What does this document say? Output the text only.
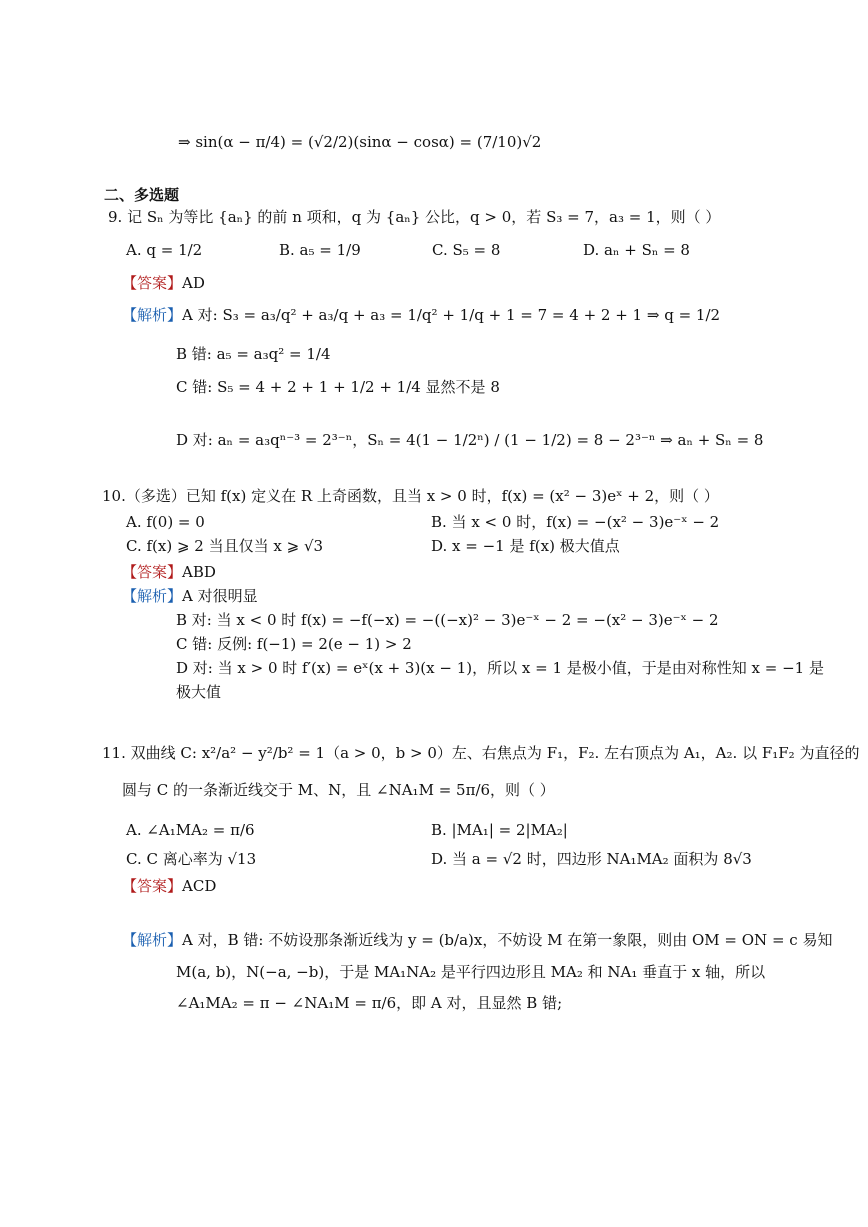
⇒ sin(α − π/4) = (√2/2)(sinα − cosα) = (7/10)√2
二、多选题
9. 记 Sₙ 为等比 {aₙ} 的前 n 项和，q 为 {aₙ} 公比，q > 0，若 S₃ = 7，a₃ = 1，则（ ）
A. q = 1/2	B. a₅ = 1/9	C. S₅ = 8	D. aₙ + Sₙ = 8
【答案】AD
【解析】A 对: S₃ = a₃/q² + a₃/q + a₃ = 1/q² + 1/q + 1 = 7 = 4 + 2 + 1 ⇒ q = 1/2
B 错: a₅ = a₃q² = 1/4
C 错: S₅ = 4 + 2 + 1 + 1/2 + 1/4 显然不是 8
D 对: aₙ = a₃qⁿ⁻³ = 2³⁻ⁿ，Sₙ = 4(1 − 1/2ⁿ) / (1 − 1/2) = 8 − 2³⁻ⁿ ⇒ aₙ + Sₙ = 8
10.（多选）已知 f(x) 定义在 R 上奇函数，且当 x > 0 时，f(x) = (x² − 3)eˣ + 2，则（ ）
A. f(0) = 0	B. 当 x < 0 时，f(x) = −(x² − 3)e⁻ˣ − 2
C. f(x) ⩾ 2 当且仅当 x ⩾ √3	D. x = −1 是 f(x) 极大值点
【答案】ABD
【解析】A 对很明显
B 对: 当 x < 0 时 f(x) = −f(−x) = −((−x)² − 3)e⁻ˣ − 2 = −(x² − 3)e⁻ˣ − 2
C 错: 反例: f(−1) = 2(e − 1) > 2
D 对: 当 x > 0 时 f′(x) = eˣ(x + 3)(x − 1)，所以 x = 1 是极小值，于是由对称性知 x = −1 是
极大值
11. 双曲线 C: x²/a² − y²/b² = 1（a > 0，b > 0）左、右焦点为 F₁，F₂. 左右顶点为 A₁，A₂. 以 F₁F₂ 为直径的
圆与 C 的一条渐近线交于 M、N，且 ∠NA₁M = 5π/6，则（ ）
A. ∠A₁MA₂ = π/6	B. |MA₁| = 2|MA₂|
C. C 离心率为 √13	D. 当 a = √2 时，四边形 NA₁MA₂ 面积为 8√3
【答案】ACD
【解析】A 对，B 错: 不妨设那条渐近线为 y = (b/a)x，不妨设 M 在第一象限，则由 OM = ON = c 易知
M(a, b)，N(−a, −b)，于是 MA₁NA₂ 是平行四边形且 MA₂ 和 NA₁ 垂直于 x 轴，所以
∠A₁MA₂ = π − ∠NA₁M = π/6，即 A 对，且显然 B 错;
